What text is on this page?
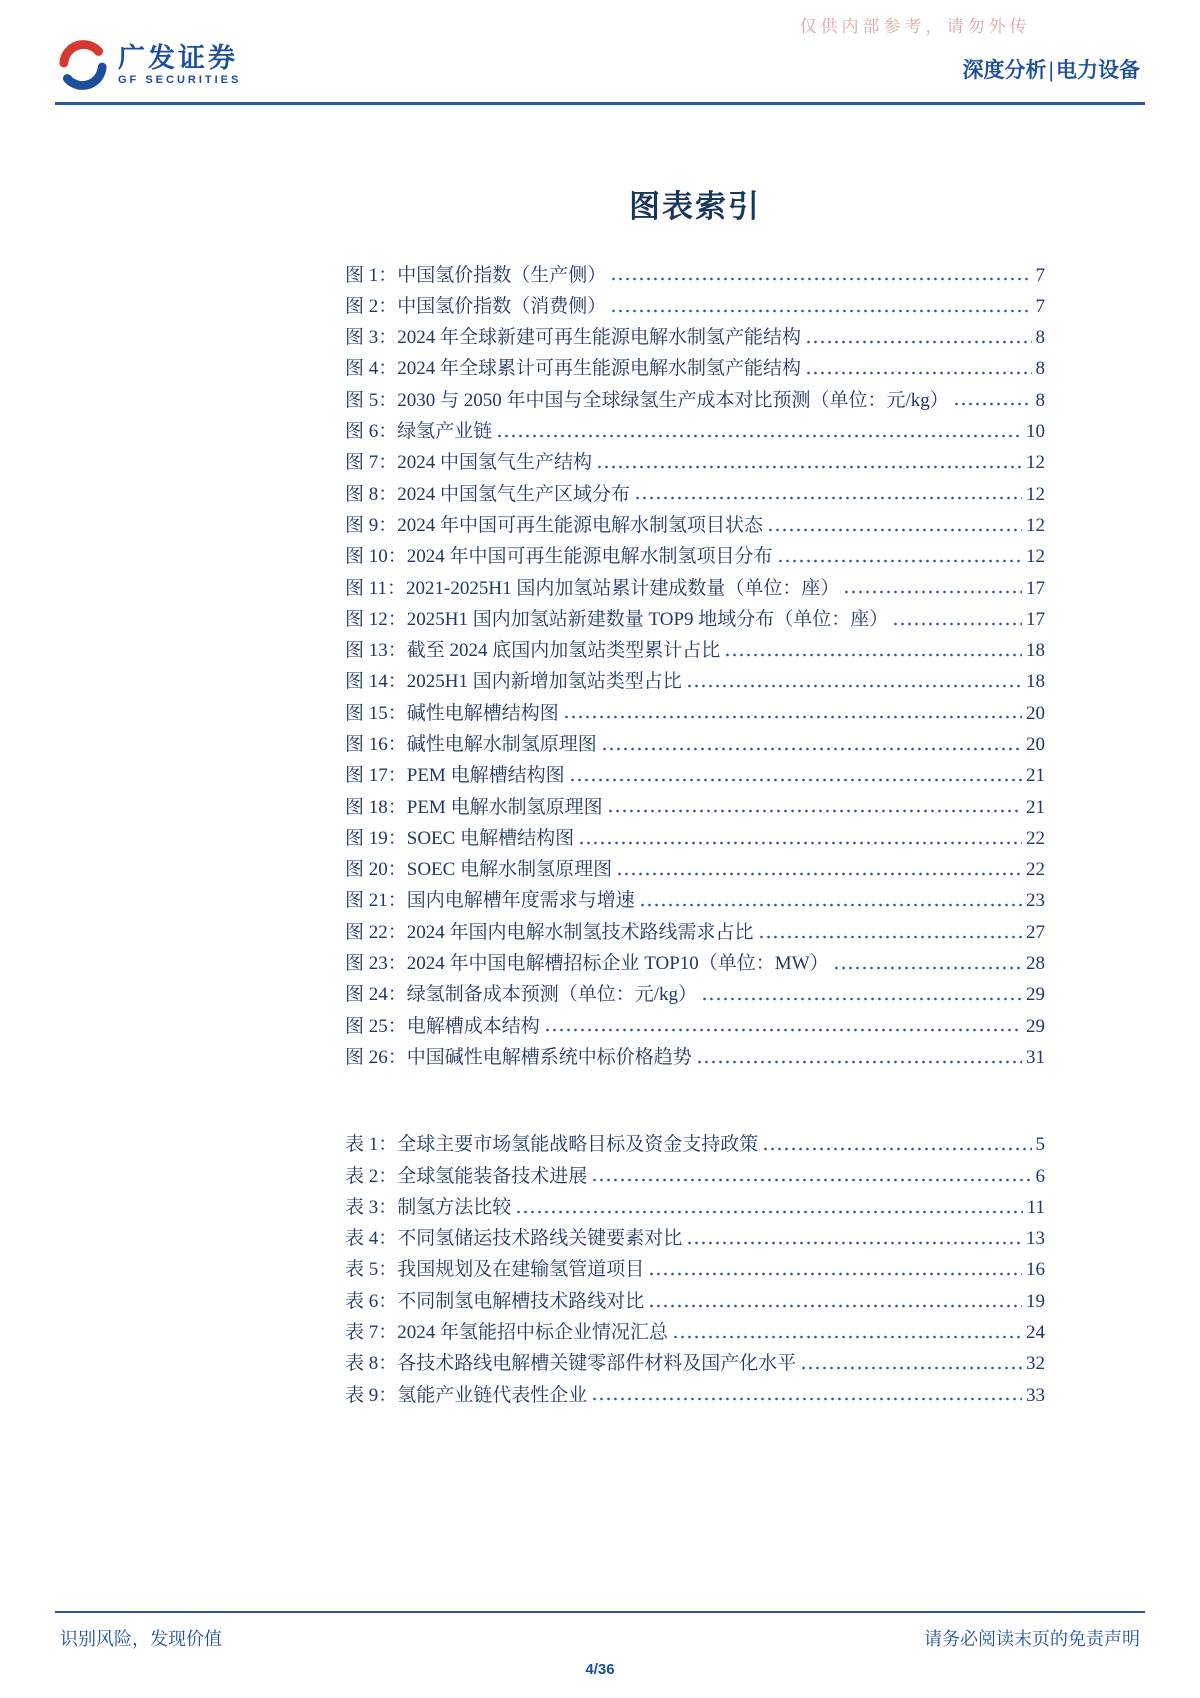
仅供内部参考，请勿外传
广发证券
GF SECURITIES	深度分析|电力设备
图表索引
图 1：中国氢价指数（生产侧）	7
图 2：中国氢价指数（消费侧）	7
图 3：2024 年全球新建可再生能源电解水制氢产能结构	8
图 4：2024 年全球累计可再生能源电解水制氢产能结构	8
图 5：2030 与 2050 年中国与全球绿氢生产成本对比预测（单位：元/kg）	8
图 6：绿氢产业链	10
图 7：2024 中国氢气生产结构	12
图 8：2024 中国氢气生产区域分布	12
图 9：2024 年中国可再生能源电解水制氢项目状态	12
图 10：2024 年中国可再生能源电解水制氢项目分布	12
图 11：2021-2025H1 国内加氢站累计建成数量（单位：座）	17
图 12：2025H1 国内加氢站新建数量 TOP9 地域分布（单位：座）	17
图 13：截至 2024 底国内加氢站类型累计占比	18
图 14：2025H1 国内新增加氢站类型占比	18
图 15：碱性电解槽结构图	20
图 16：碱性电解水制氢原理图	20
图 17：PEM 电解槽结构图	21
图 18：PEM 电解水制氢原理图	21
图 19：SOEC 电解槽结构图	22
图 20：SOEC 电解水制氢原理图	22
图 21：国内电解槽年度需求与增速	23
图 22：2024 年国内电解水制氢技术路线需求占比	27
图 23：2024 年中国电解槽招标企业 TOP10（单位：MW）	28
图 24：绿氢制备成本预测（单位：元/kg）	29
图 25：电解槽成本结构	29
图 26：中国碱性电解槽系统中标价格趋势	31
表 1：全球主要市场氢能战略目标及资金支持政策	5
表 2：全球氢能装备技术进展	6
表 3：制氢方法比较	11
表 4：不同氢储运技术路线关键要素对比	13
表 5：我国规划及在建输氢管道项目	16
表 6：不同制氢电解槽技术路线对比	19
表 7：2024 年氢能招中标企业情况汇总	24
表 8：各技术路线电解槽关键零部件材料及国产化水平	32
表 9：氢能产业链代表性企业	33
识别风险，发现价值	请务必阅读末页的免责声明
4/36
